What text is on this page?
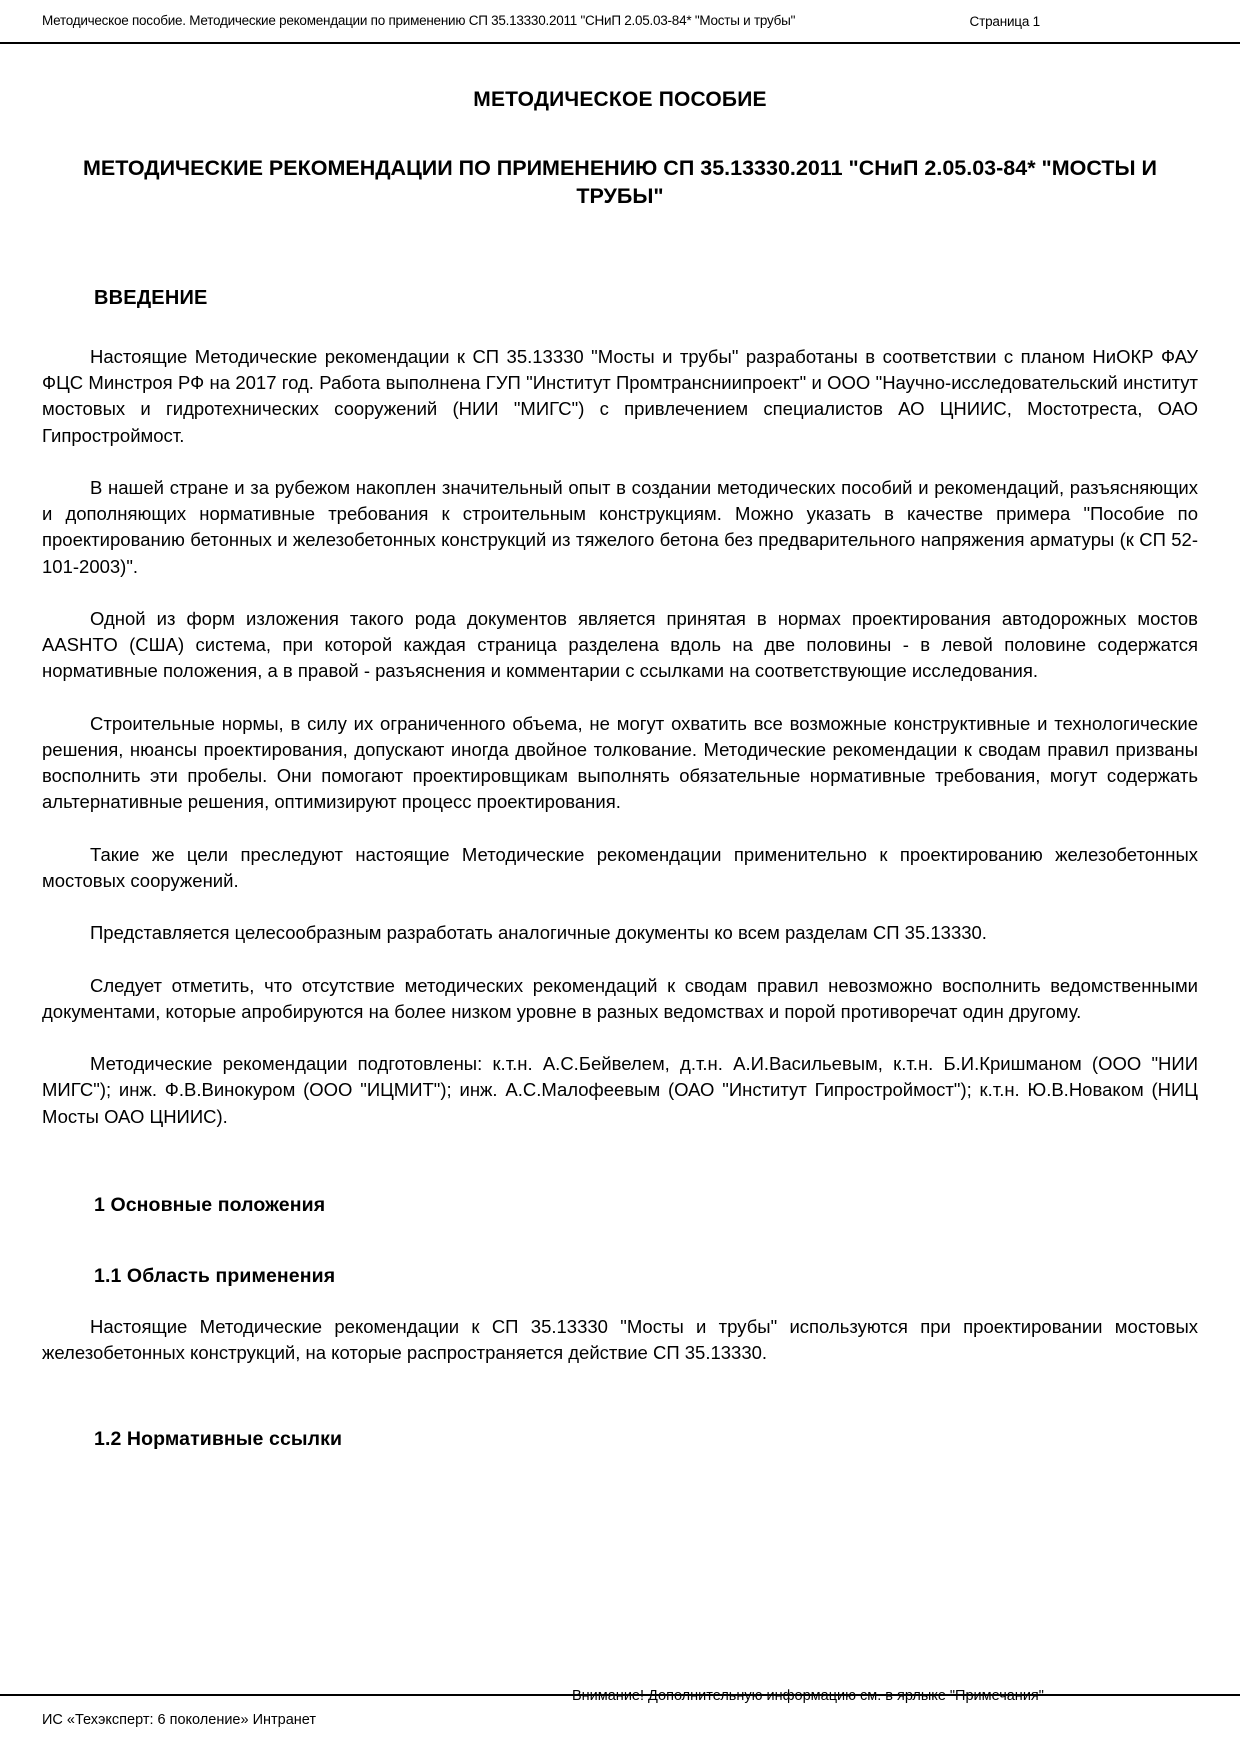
Методическое пособие. Методические рекомендации по применению СП 35.13330.2011 "СНиП 2.05.03-84* "Мосты и трубы"	Страница 1
МЕТОДИЧЕСКОЕ ПОСОБИЕ
МЕТОДИЧЕСКИЕ РЕКОМЕНДАЦИИ ПО ПРИМЕНЕНИЮ СП 35.13330.2011 "СНиП 2.05.03-84* "МОСТЫ И ТРУБЫ"
ВВЕДЕНИЕ

Настоящие Методические рекомендации к СП 35.13330 "Мосты и трубы" разработаны в соответствии с планом НиОКР ФАУ ФЦС Минстроя РФ на 2017 год. Работа выполнена ГУП "Институт Промтрансниипроект" и ООО "Научно-исследовательский институт мостовых и гидротехнических сооружений (НИИ "МИГС") с привлечением специалистов АО ЦНИИС, Мостотреста, ОАО Гипростроймост.

В нашей стране и за рубежом накоплен значительный опыт в создании методических пособий и рекомендаций, разъясняющих и дополняющих нормативные требования к строительным конструкциям. Можно указать в качестве примера "Пособие по проектированию бетонных и железобетонных конструкций из тяжелого бетона без предварительного напряжения арматуры (к СП 52-101-2003)".

Одной из форм изложения такого рода документов является принятая в нормах проектирования автодорожных мостов AASHTO (США) система, при которой каждая страница разделена вдоль на две половины - в левой половине содержатся нормативные положения, а в правой - разъяснения и комментарии с ссылками на соответствующие исследования.

Строительные нормы, в силу их ограниченного объема, не могут охватить все возможные конструктивные и технологические решения, нюансы проектирования, допускают иногда двойное толкование. Методические рекомендации к сводам правил призваны восполнить эти пробелы. Они помогают проектировщикам выполнять обязательные нормативные требования, могут содержать альтернативные решения, оптимизируют процесс проектирования.

Такие же цели преследуют настоящие Методические рекомендации применительно к проектированию железобетонных мостовых сооружений.

Представляется целесообразным разработать аналогичные документы ко всем разделам СП 35.13330.

Следует отметить, что отсутствие методических рекомендаций к сводам правил невозможно восполнить ведомственными документами, которые апробируются на более низком уровне в разных ведомствах и порой противоречат один другому.

Методические рекомендации подготовлены: к.т.н. А.С.Бейвелем, д.т.н. А.И.Васильевым, к.т.н. Б.И.Кришманом (ООО "НИИ МИГС"); инж. Ф.В.Винокуром (ООО "ИЦМИТ"); инж. А.С.Малофеевым (ОАО "Институт Гипростроймост"); к.т.н. Ю.В.Новаком (НИЦ Мосты ОАО ЦНИИС).

1 Основные положения
1.1 Область применения

Настоящие Методические рекомендации к СП 35.13330 "Мосты и трубы" используются при проектировании мостовых железобетонных конструкций, на которые распространяется действие СП 35.13330.

1.2 Нормативные ссылки
ИС «Техэксперт: 6 поколение» Интранет
Внимание! Дополнительную информацию см. в ярлыке "Примечания"
